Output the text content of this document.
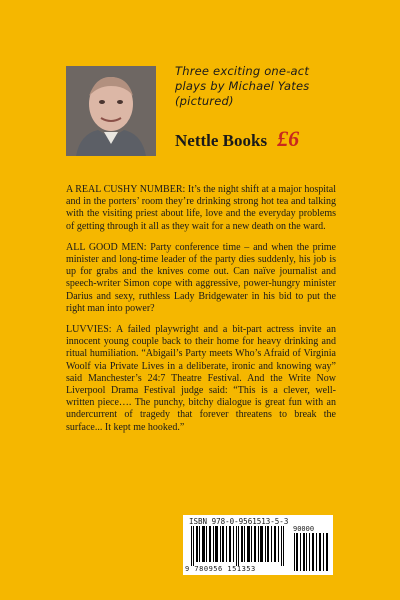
Three exciting one-act plays by Michael Yates (pictured)
Nettle Books £6

A REAL CUSHY NUMBER: It’s the night shift at a major hospital and in the porters’ room they’re drinking strong hot tea and talking with the visiting priest about life, love and the everyday problems of getting through it all as they wait for a new death on the ward.

ALL GOOD MEN: Party conference time – and when the prime minister and long-time leader of the party dies suddenly, his job is up for grabs and the knives come out. Can naïve journalist and speech-writer Simon cope with aggressive, power-hungry minister Darius and sexy, ruthless Lady Bridgewater in his bid to put the right man into power?

LUVVIES: A failed playwright and a bit-part actress invite an innocent young couple back to their home for heavy drinking and ritual humiliation. “Abigail’s Party meets Who’s Afraid of Virginia Woolf via Private Lives in a deliberate, ironic and knowing way” said Manchester’s 24:7 Theatre Festival. And the Write Now Liverpool Drama Festival judge said: “This is a clever, well-written piece…. The punchy, bitchy dialogue is great fun with an undercurrent of tragedy that forever threatens to break the surface... It kept me hooked.”

ISBN 978-0-9561513-5-3
90000
9 780956 151353
